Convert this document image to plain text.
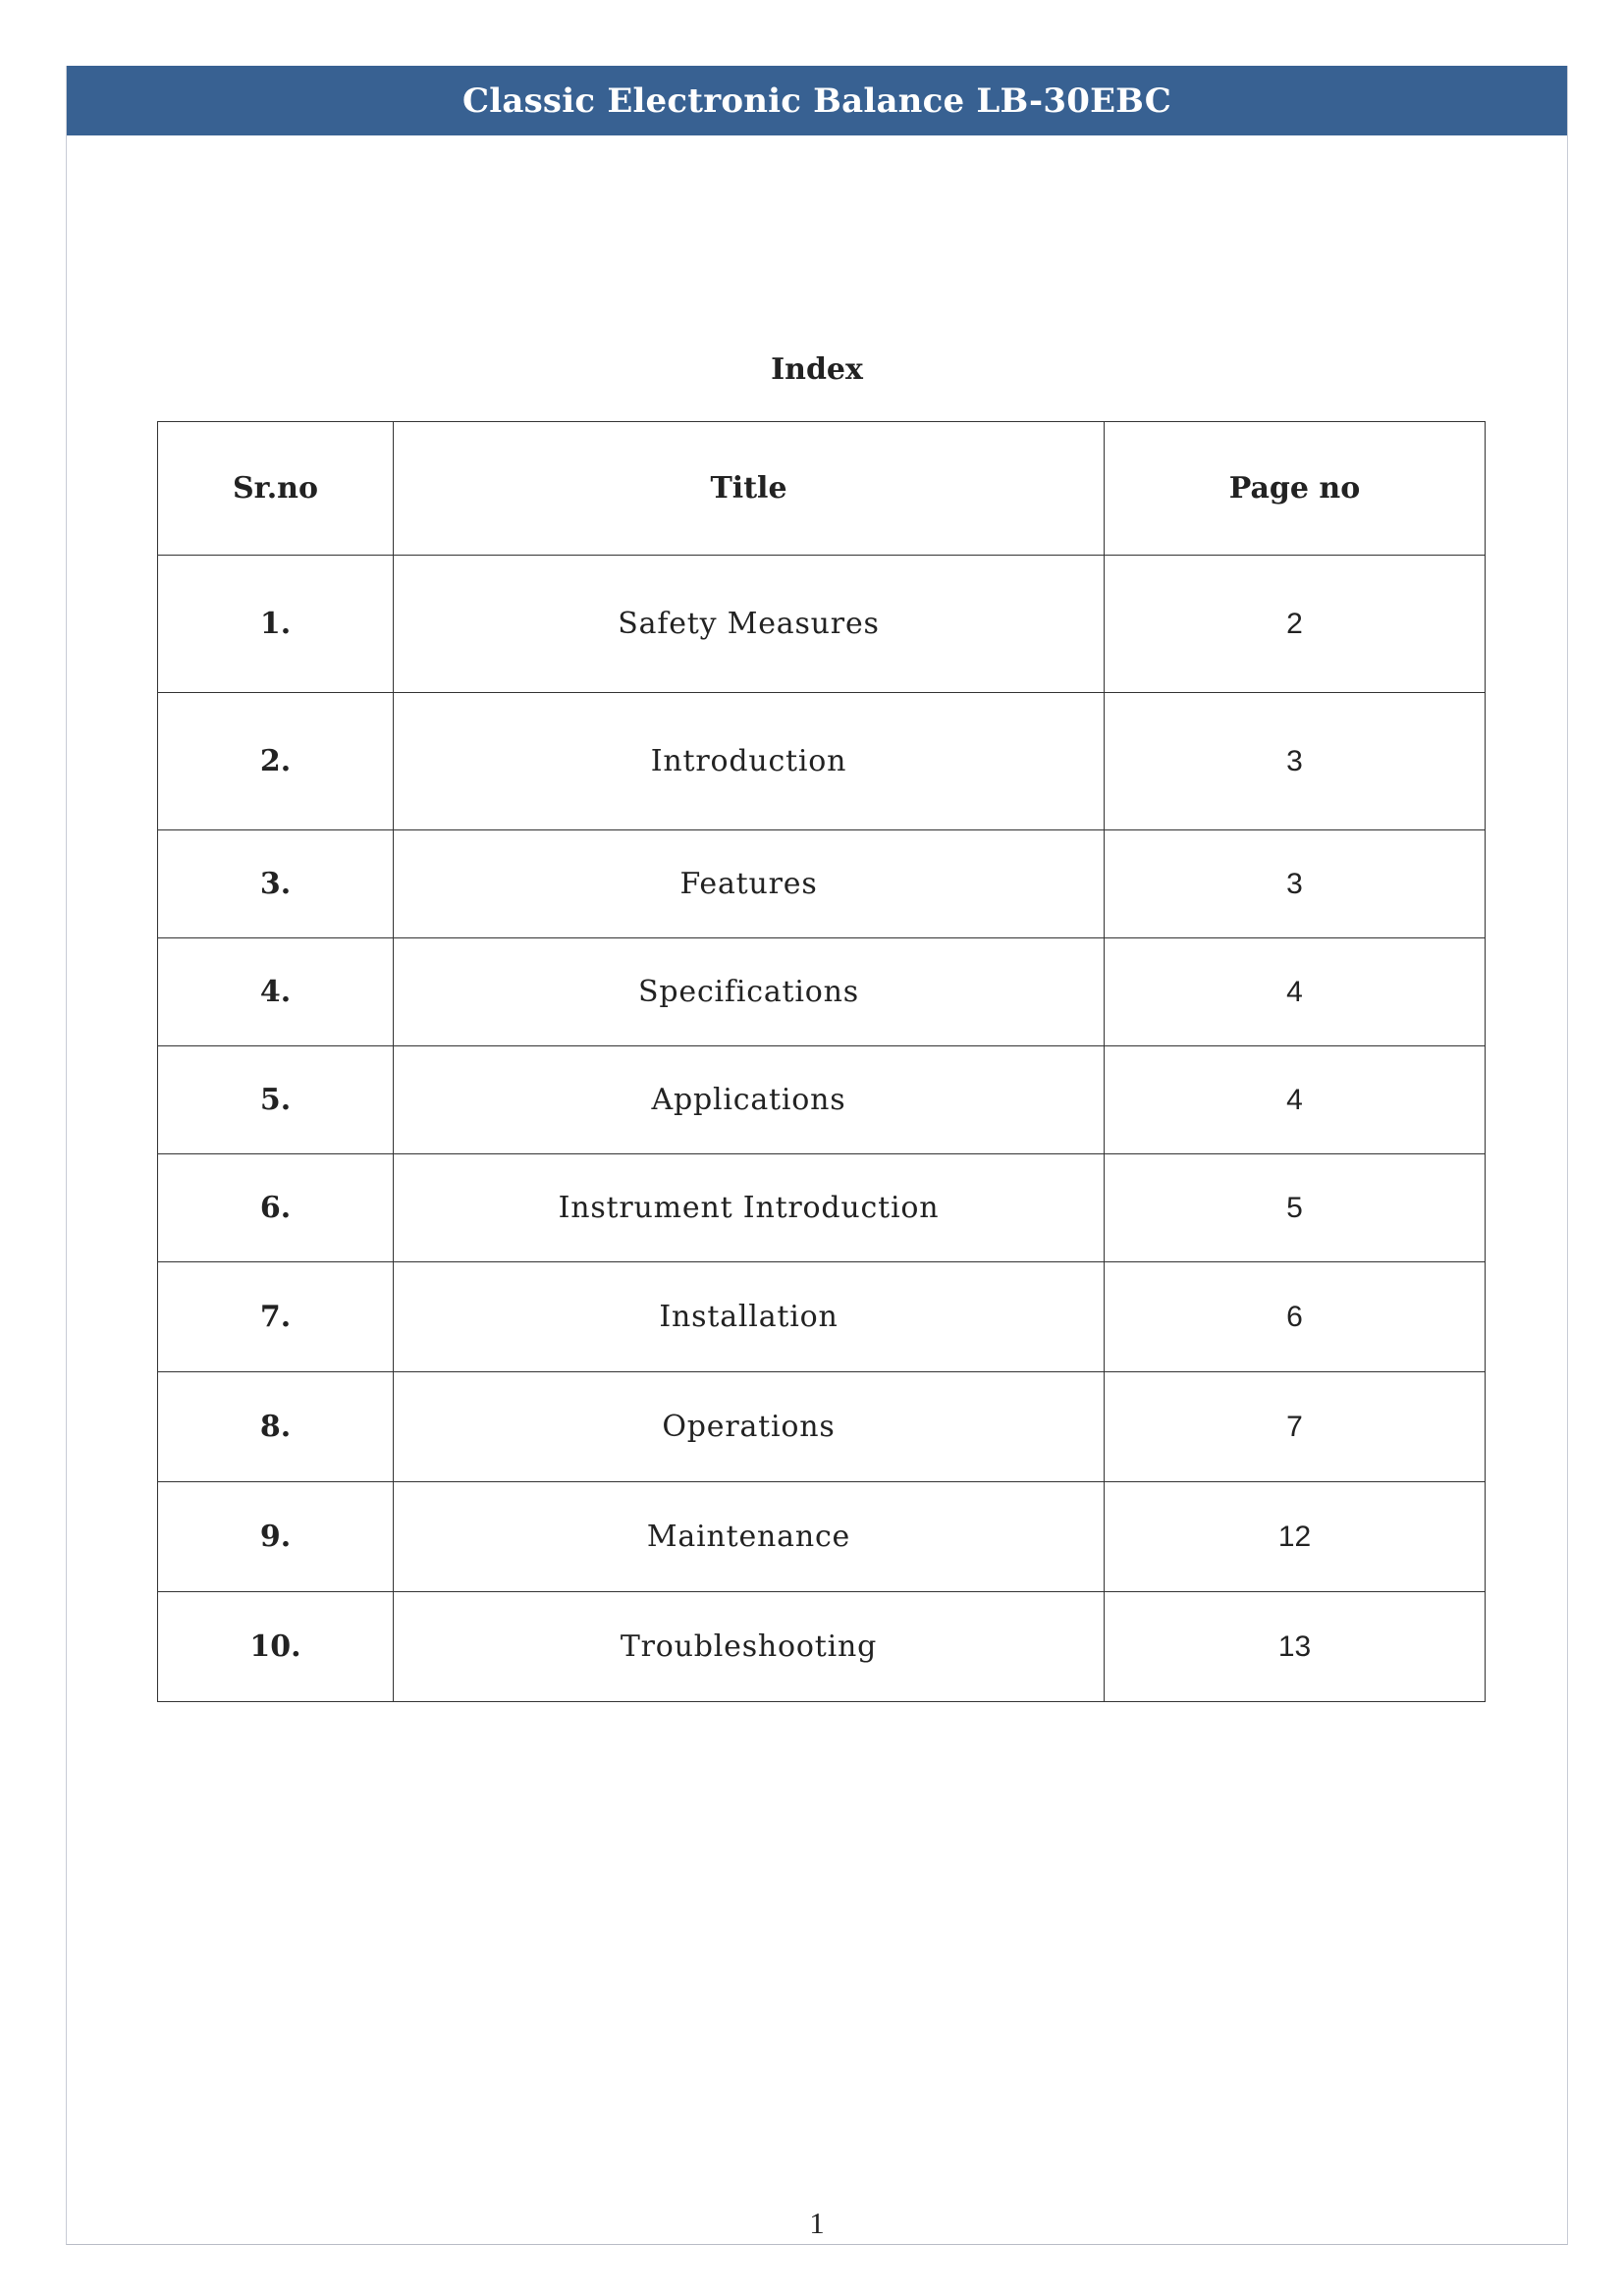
Classic Electronic Balance LB-30EBC
Index
Sr.no	Title	Page no
1.	Safety Measures	2
2.	Introduction	3
3.	Features	3
4.	Specifications	4
5.	Applications	4
6.	Instrument Introduction	5
7.	Installation	6
8.	Operations	7
9.	Maintenance	12
10.	Troubleshooting	13
1
